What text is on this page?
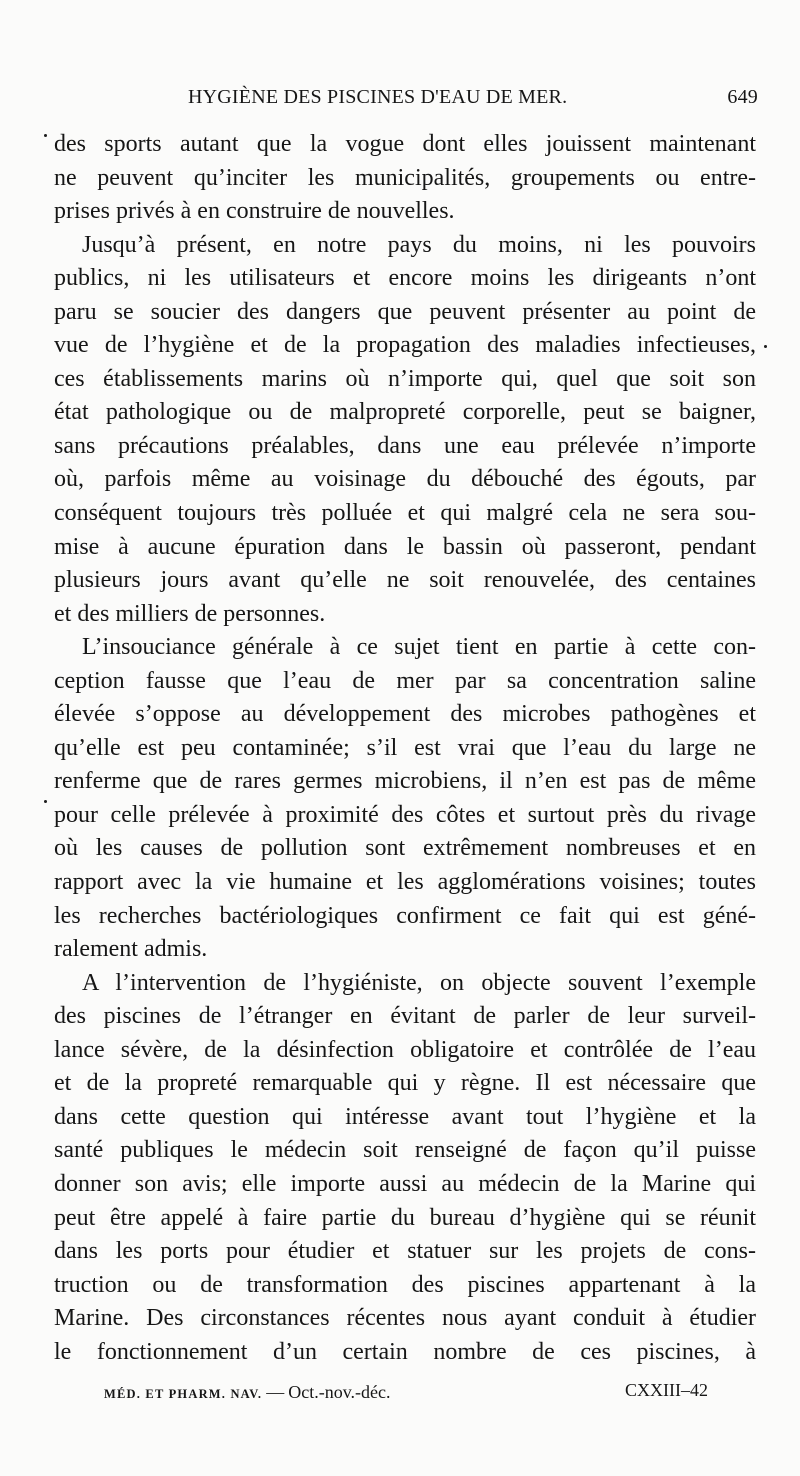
HYGIÈNE DES PISCINES D'EAU DE MER.	649
des sports autant que la vogue dont elles jouissent maintenant
ne peuvent qu’inciter les municipalités, groupements ou entre-
prises privés à en construire de nouvelles.
Jusqu’à présent, en notre pays du moins, ni les pouvoirs
publics, ni les utilisateurs et encore moins les dirigeants n’ont
paru se soucier des dangers que peuvent présenter au point de
vue de l’hygiène et de la propagation des maladies infectieuses,
ces établissements marins où n’importe qui, quel que soit son
état pathologique ou de malpropreté corporelle, peut se baigner,
sans précautions préalables, dans une eau prélevée n’importe
où, parfois même au voisinage du débouché des égouts, par
conséquent toujours très polluée et qui malgré cela ne sera sou-
mise à aucune épuration dans le bassin où passeront, pendant
plusieurs jours avant qu’elle ne soit renouvelée, des centaines
et des milliers de personnes.
L’insouciance générale à ce sujet tient en partie à cette con-
ception fausse que l’eau de mer par sa concentration saline
élevée s’oppose au développement des microbes pathogènes et
qu’elle est peu contaminée; s’il est vrai que l’eau du large ne
renferme que de rares germes microbiens, il n’en est pas de même
pour celle prélevée à proximité des côtes et surtout près du rivage
où les causes de pollution sont extrêmement nombreuses et en
rapport avec la vie humaine et les agglomérations voisines; toutes
les recherches bactériologiques confirment ce fait qui est géné-
ralement admis.
A l’intervention de l’hygiéniste, on objecte souvent l’exemple
des piscines de l’étranger en évitant de parler de leur surveil-
lance sévère, de la désinfection obligatoire et contrôlée de l’eau
et de la propreté remarquable qui y règne. Il est nécessaire que
dans cette question qui intéresse avant tout l’hygiène et la
santé publiques le médecin soit renseigné de façon qu’il puisse
donner son avis; elle importe aussi au médecin de la Marine qui
peut être appelé à faire partie du bureau d’hygiène qui se réunit
dans les ports pour étudier et statuer sur les projets de cons-
truction ou de transformation des piscines appartenant à la
Marine. Des circonstances récentes nous ayant conduit à étudier
le fonctionnement d’un certain nombre de ces piscines, à
MÉD. ET PHARM. NAV. — Oct.-nov.-déc.	CXXIII–42
